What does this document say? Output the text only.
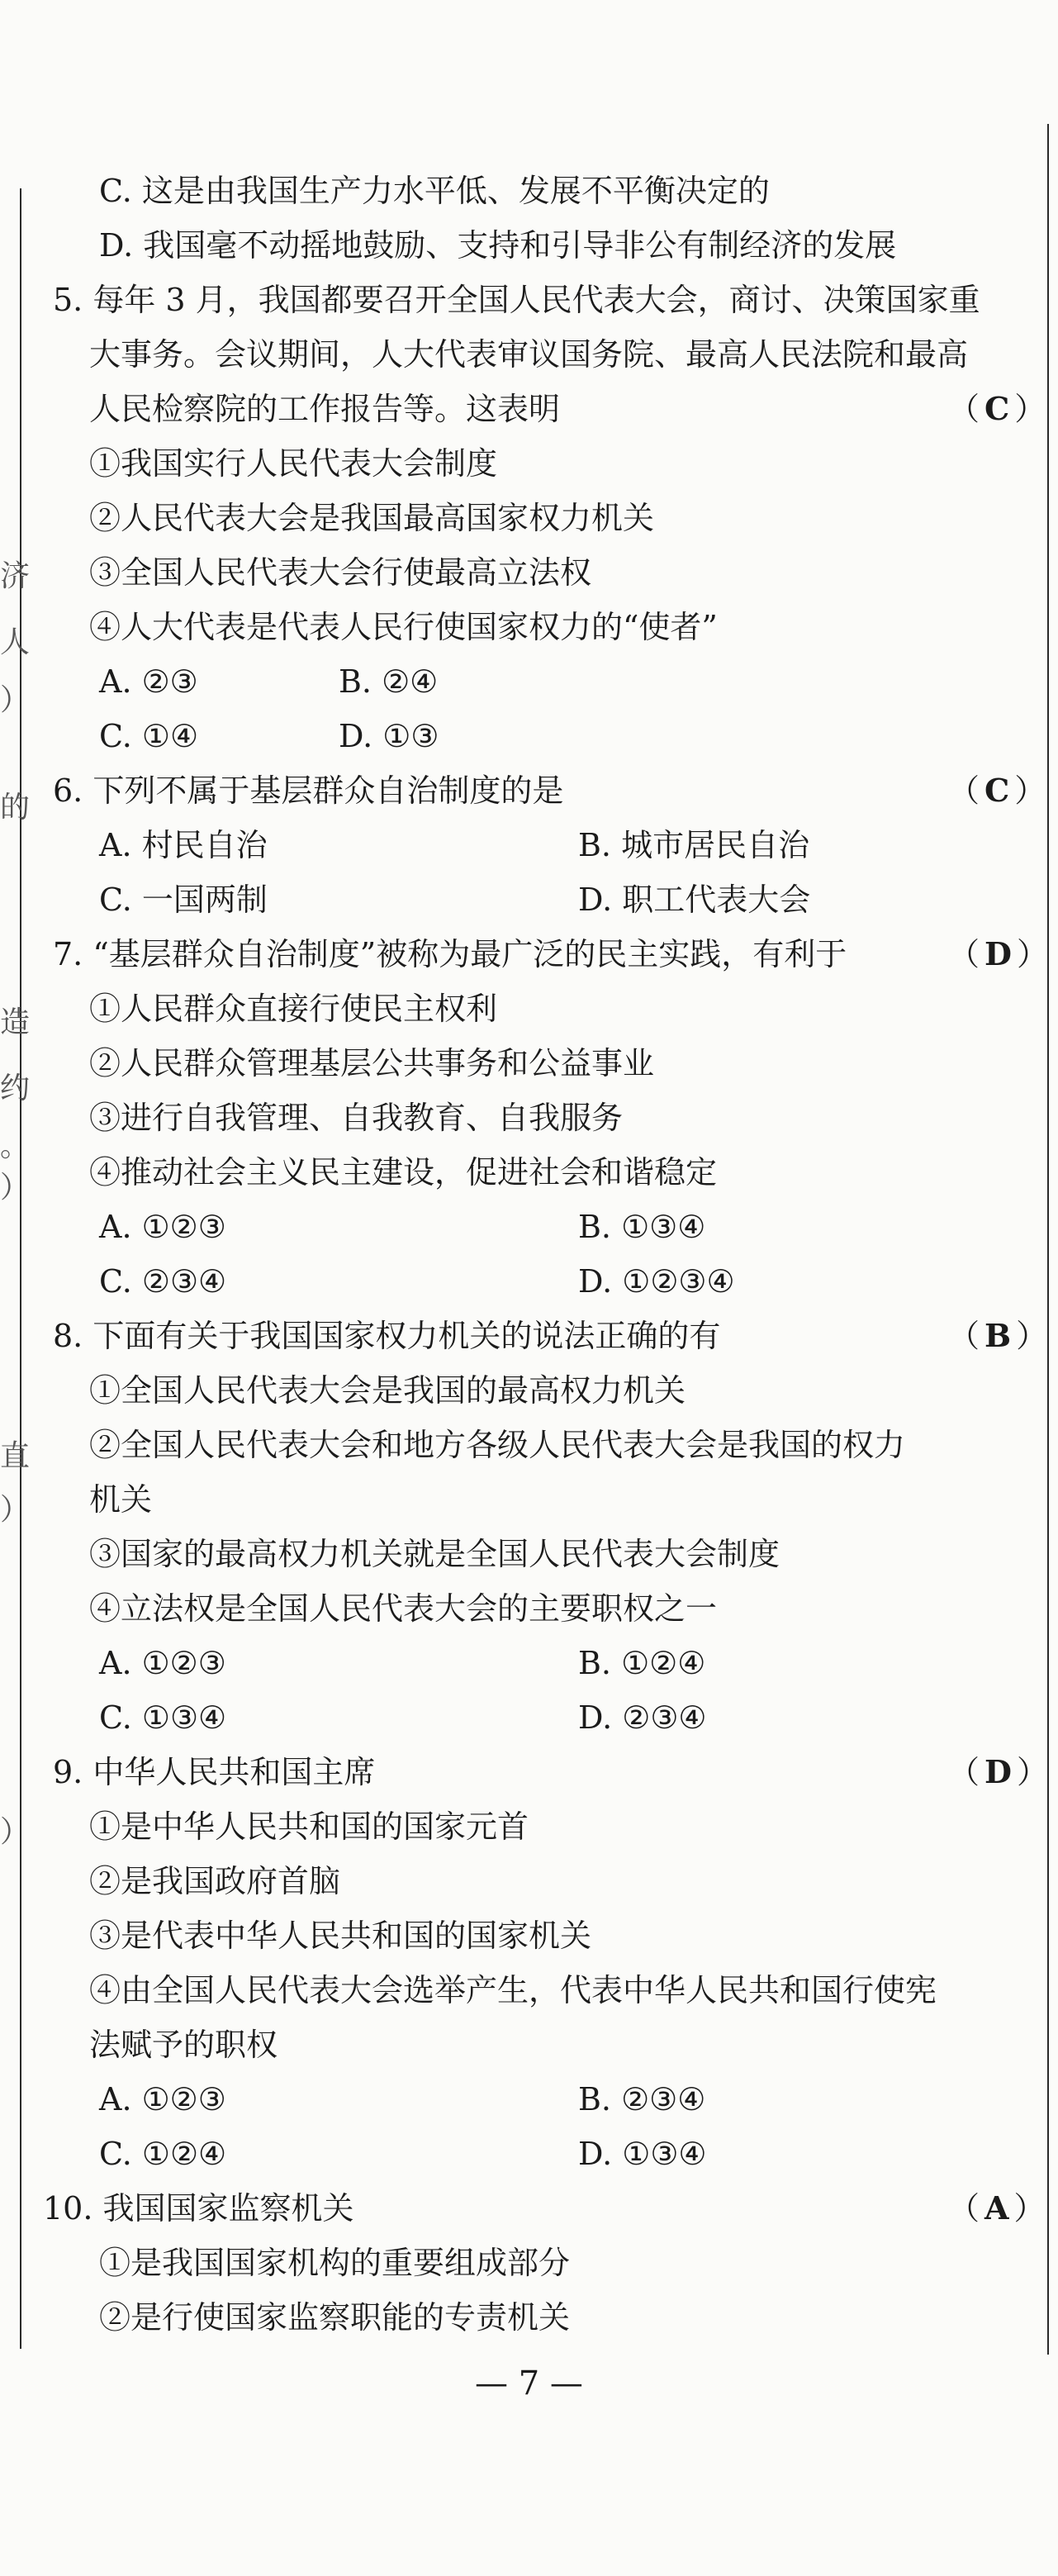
济
人
）
的
造
约
。
）
直
）
）
C. 这是由我国生产力水平低、发展不平衡决定的
D. 我国毫不动摇地鼓励、支持和引导非公有制经济的发展
5. 每年 3 月，我国都要召开全国人民代表大会，商讨、决策国家重
大事务。会议期间，人大代表审议国务院、最高人民法院和最高
人民检察院的工作报告等。这表明
①我国实行人民代表大会制度
②人民代表大会是我国最高国家权力机关
③全国人民代表大会行使最高立法权
④人大代表是代表人民行使国家权力的“使者”
A. ②③	B. ②④
C. ①④	D. ①③
6. 下列不属于基层群众自治制度的是
A. 村民自治	B. 城市居民自治
C. 一国两制	D. 职工代表大会
7. “基层群众自治制度”被称为最广泛的民主实践，有利于
①人民群众直接行使民主权利
②人民群众管理基层公共事务和公益事业
③进行自我管理、自我教育、自我服务
④推动社会主义民主建设，促进社会和谐稳定
A. ①②③	B. ①③④
C. ②③④	D. ①②③④
8. 下面有关于我国国家权力机关的说法正确的有
①全国人民代表大会是我国的最高权力机关
②全国人民代表大会和地方各级人民代表大会是我国的权力
机关
③国家的最高权力机关就是全国人民代表大会制度
④立法权是全国人民代表大会的主要职权之一
A. ①②③	B. ①②④
C. ①③④	D. ②③④
9. 中华人民共和国主席
①是中华人民共和国的国家元首
②是我国政府首脑
③是代表中华人民共和国的国家机关
④由全国人民代表大会选举产生，代表中华人民共和国行使宪
法赋予的职权
A. ①②③	B. ②③④
C. ①②④	D. ①③④
10. 我国国家监察机关
①是我国国家机构的重要组成部分
②是行使国家监察职能的专责机关
（ C ）
（ C ）
（ D ）
（ B ）
（ D ）
（ A ）
— 7 —
